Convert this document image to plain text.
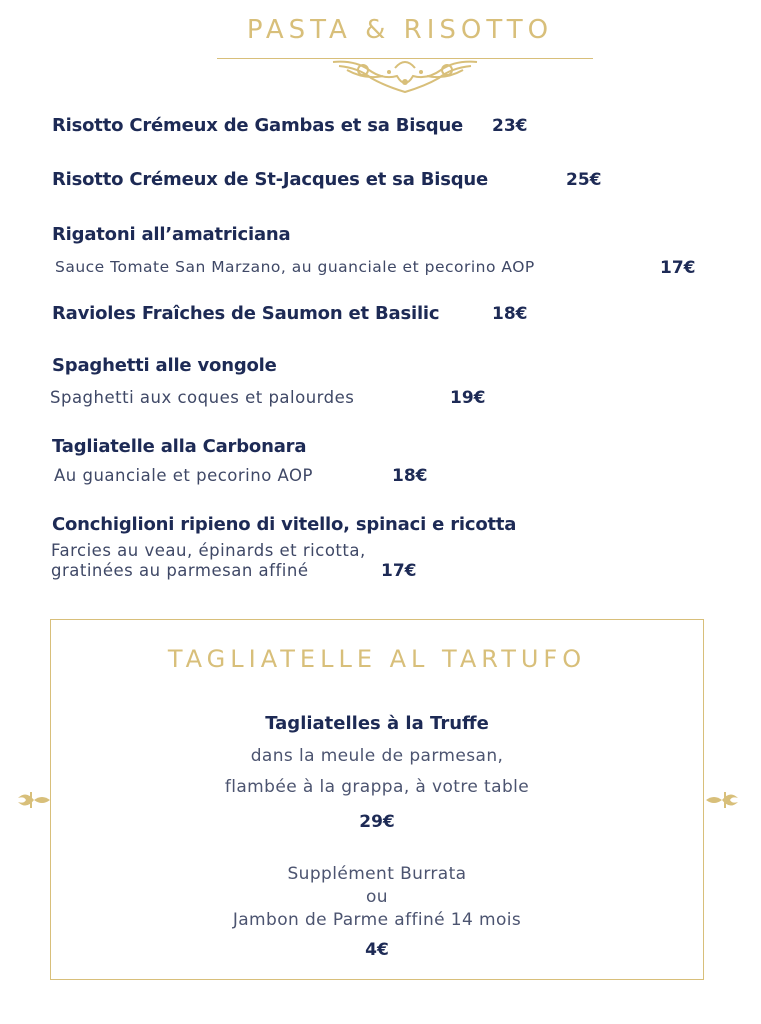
PASTA & RISOTTO
Risotto Crémeux de Gambas et sa Bisque 23€
Risotto Crémeux de St-Jacques et sa Bisque	25€
Rigatoni all’amatriciana
Sauce Tomate San Marzano, au guanciale et pecorino AOP	17€
Ravioles Fraîches de Saumon et Basilic	18€
Spaghetti alle vongole
Spaghetti aux coques et palourdes	19€
Tagliatelle alla Carbonara
Au guanciale et pecorino AOP	18€
Conchiglioni ripieno di vitello, spinaci e ricotta
Farcies au veau, épinards et ricotta,
gratinées au parmesan affiné	17€
TAGLIATELLE AL TARTUFO
Tagliatelles à la Truffe
dans la meule de parmesan,
flambée à la grappa, à votre table
29€
Supplément Burrata
ou
Jambon de Parme affiné 14 mois
4€
